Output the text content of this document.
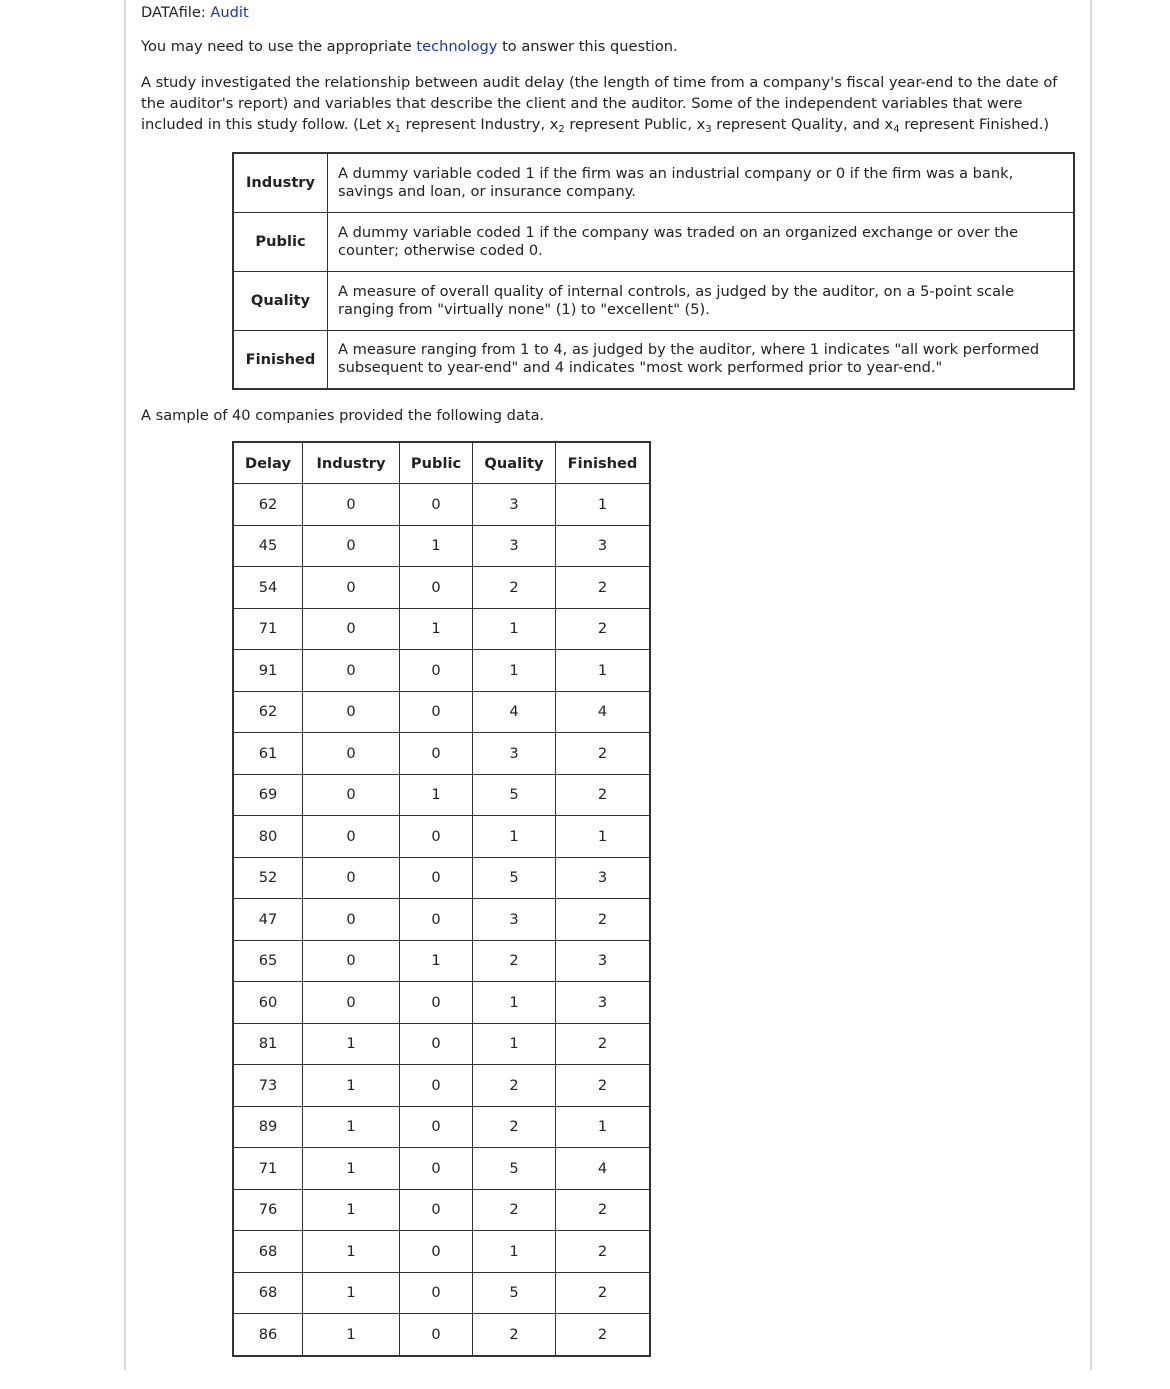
DATAfile: Audit

You may need to use the appropriate technology to answer this question.

A study investigated the relationship between audit delay (the length of time from a company's fiscal year-end to the date of
the auditor's report) and variables that describe the client and the auditor. Some of the independent variables that were
included in this study follow. (Let $x_1$ represent Industry, $x_2$ represent Public, $x_3$ represent Quality, and $x_4$ represent Finished.)
Industry	A dummy variable coded 1 if the firm was an industrial company or 0 if the firm was a bank,
savings and loan, or insurance company.
Public	A dummy variable coded 1 if the company was traded on an organized exchange or over the
counter; otherwise coded 0.
Quality	A measure of overall quality of internal controls, as judged by the auditor, on a 5-point scale
ranging from "virtually none" (1) to "excellent" (5).
Finished	A measure ranging from 1 to 4, as judged by the auditor, where 1 indicates "all work performed
subsequent to year-end" and 4 indicates "most work performed prior to year-end."

A sample of 40 companies provided the following data.

Delay	Industry	Public	Quality	Finished
62	0	0	3	1
45	0	1	3	3
54	0	0	2	2
71	0	1	1	2
91	0	0	1	1
62	0	0	4	4
61	0	0	3	2
69	0	1	5	2
80	0	0	1	1
52	0	0	5	3
47	0	0	3	2
65	0	1	2	3
60	0	0	1	3
81	1	0	1	2
73	1	0	2	2
89	1	0	2	1
71	1	0	5	4
76	1	0	2	2
68	1	0	1	2
68	1	0	5	2
86	1	0	2	2
